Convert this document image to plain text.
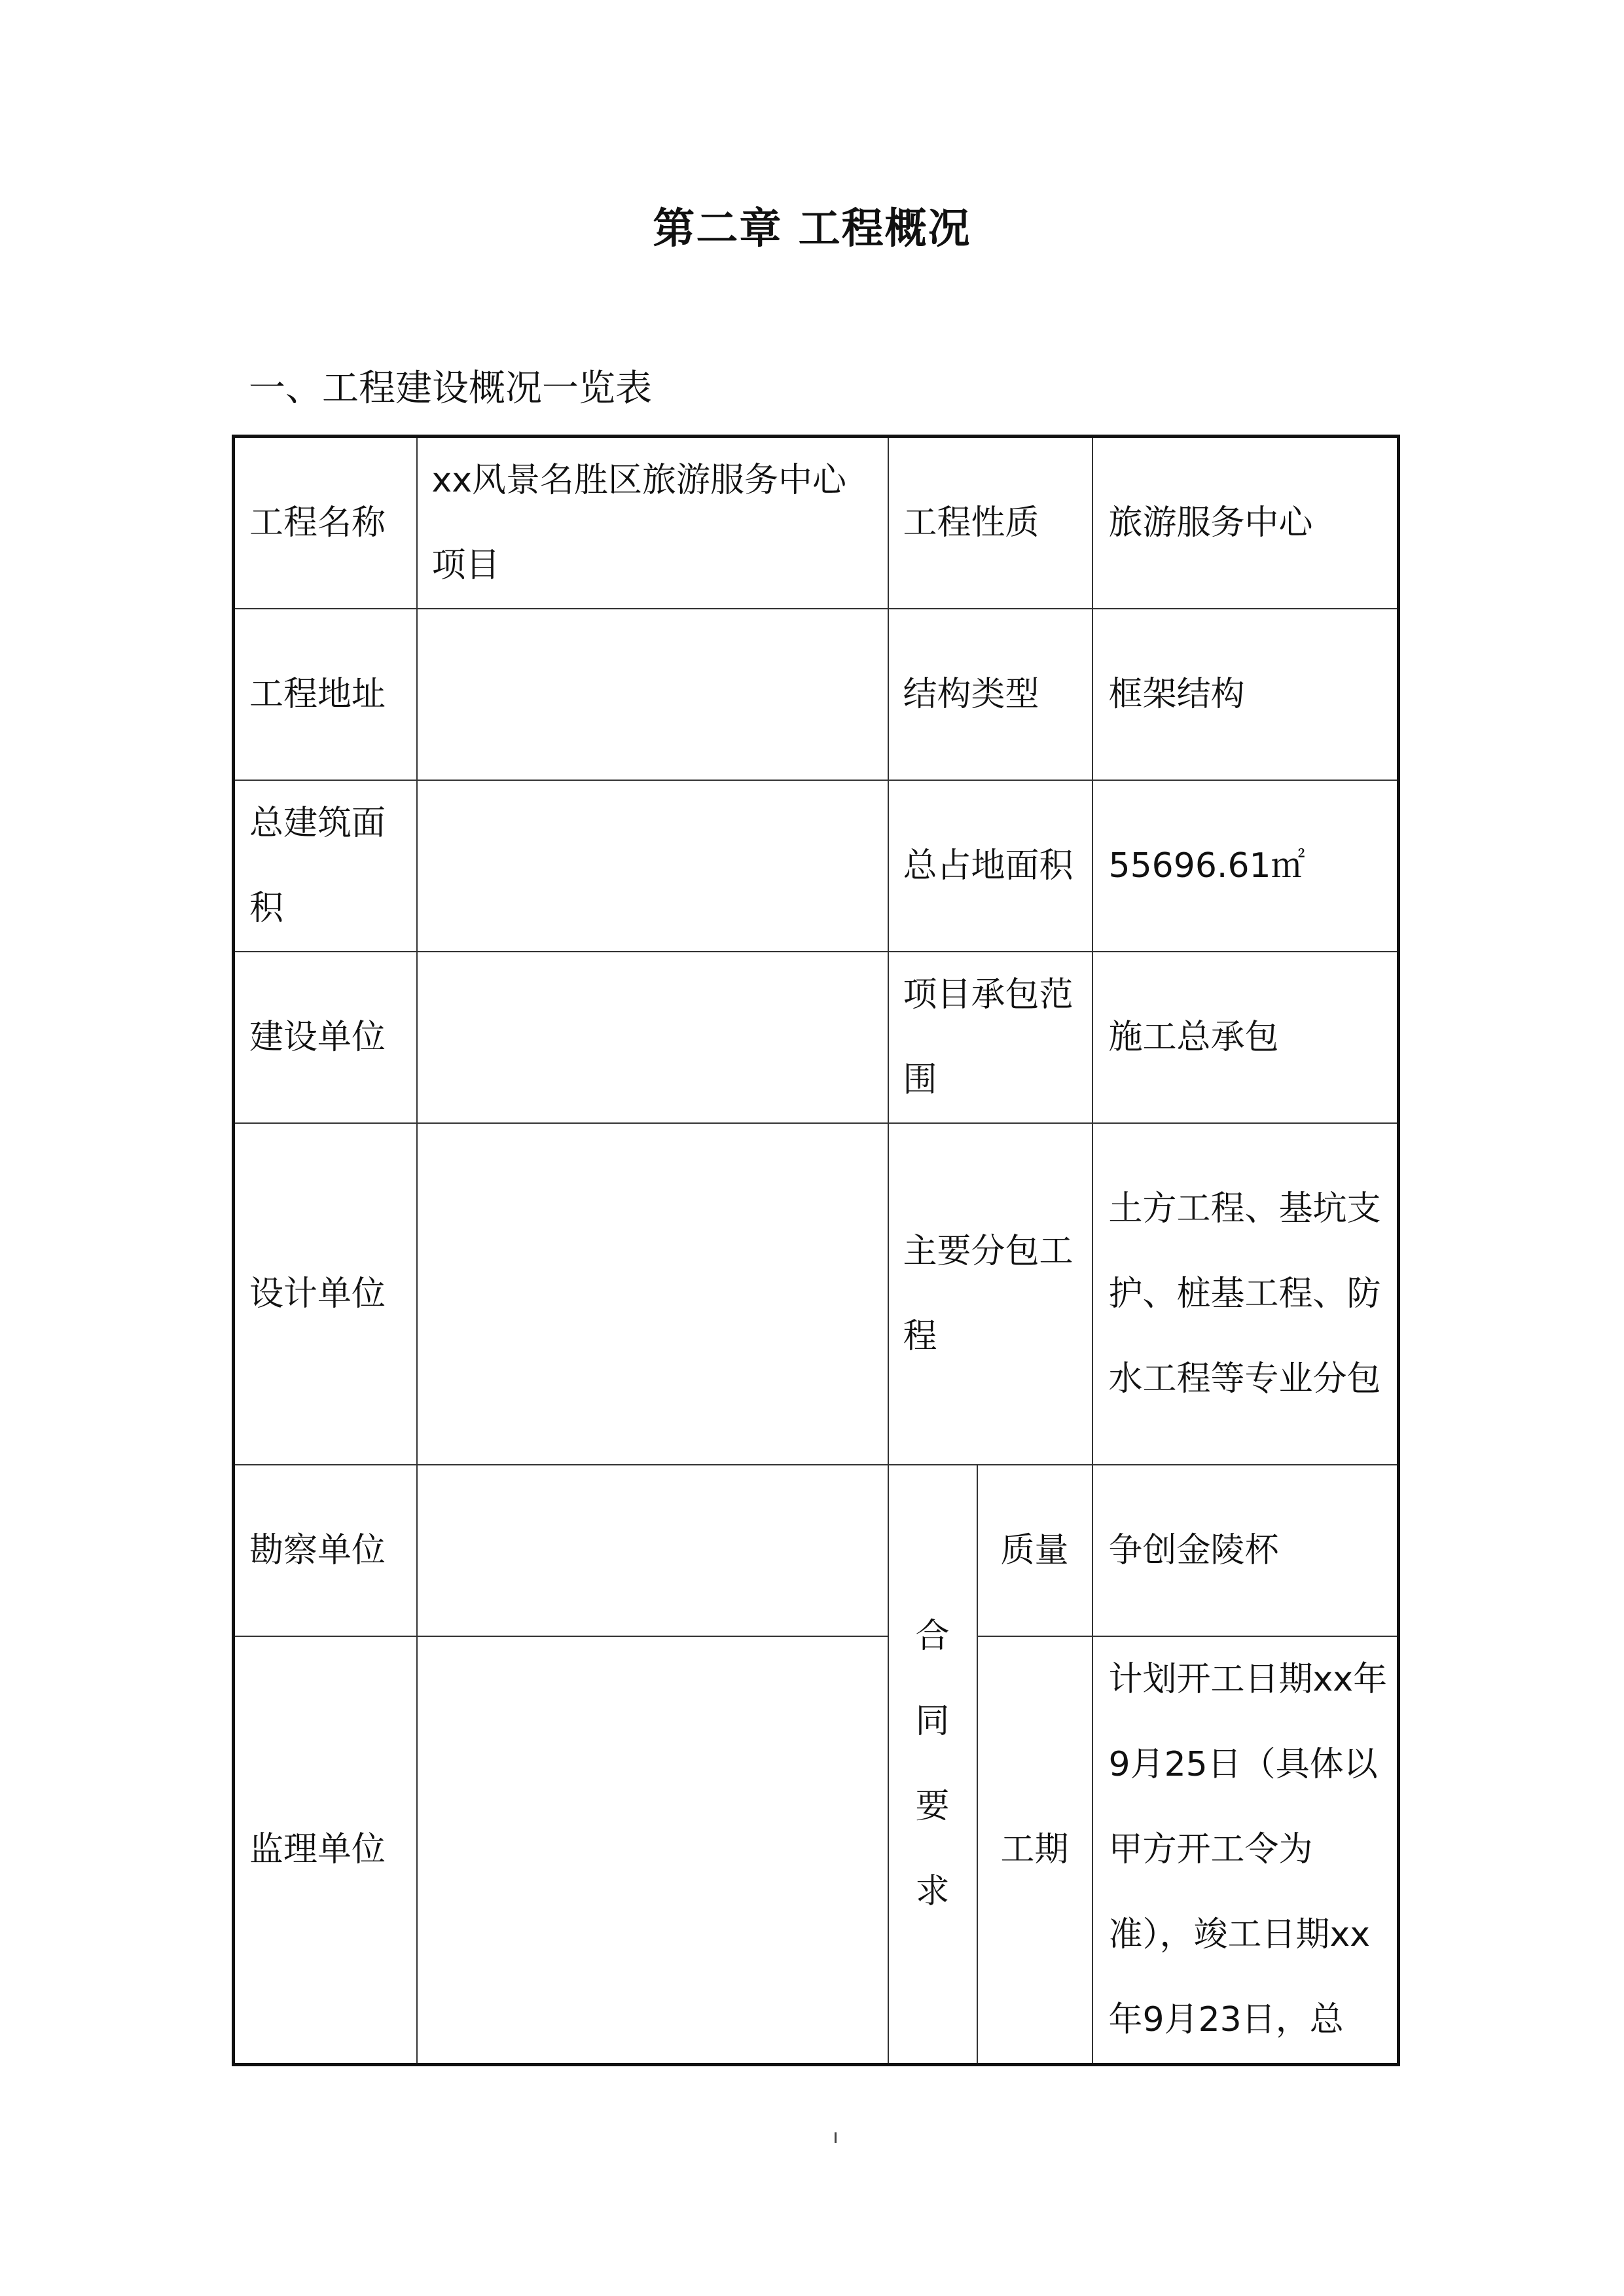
第二章 工程概况
一、工程建设概况一览表
工程名称	xx风景名胜区旅游服务中心项目	工程性质		旅游服务中心
工程地址		结构类型		框架结构
总建筑面积		总占地面积		55696.61㎡
建设单位		项目承包范围		施工总承包
设计单位		主要分包工程		土方工程、基坑支护、桩基工程、防水工程等专业分包
勘察单位		合同要求	质量	争创金陵杯
监理单位			工期	计划开工日期xx年9月25日（具体以甲方开工令为准），竣工日期xx年9月23日，总
